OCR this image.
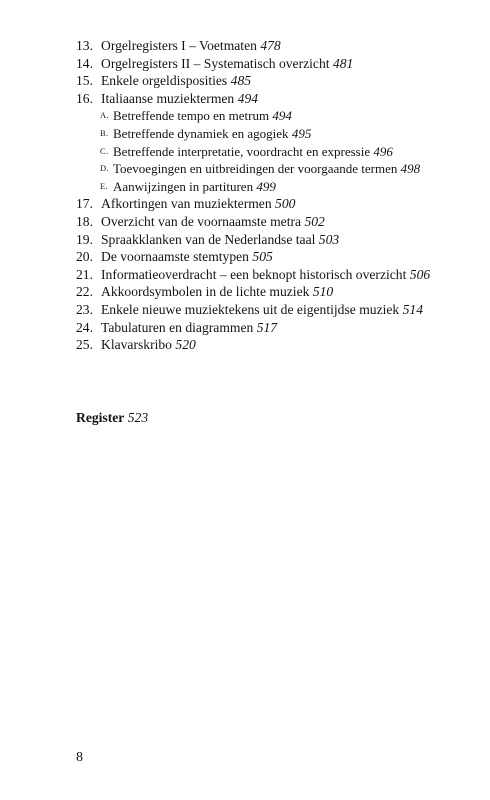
13. Orgelregisters I – Voetmaten 478
14. Orgelregisters II – Systematisch overzicht 481
15. Enkele orgeldisposities 485
16. Italiaanse muziektermen 494
A. Betreffende tempo en metrum 494
B. Betreffende dynamiek en agogiek 495
C. Betreffende interpretatie, voordracht en expressie 496
D. Toevoegingen en uitbreidingen der voorgaande termen 498
E. Aanwijzingen in partituren 499
17. Afkortingen van muziektermen 500
18. Overzicht van de voornaamste metra 502
19. Spraakklanken van de Nederlandse taal 503
20. De voornaamste stemtypen 505
21. Informatieoverdracht – een beknopt historisch overzicht 506
22. Akkoordsymbolen in de lichte muziek 510
23. Enkele nieuwe muziektekens uit de eigentijdse muziek 514
24. Tabulaturen en diagrammen 517
25. Klavarskribo 520
Register 523
8
